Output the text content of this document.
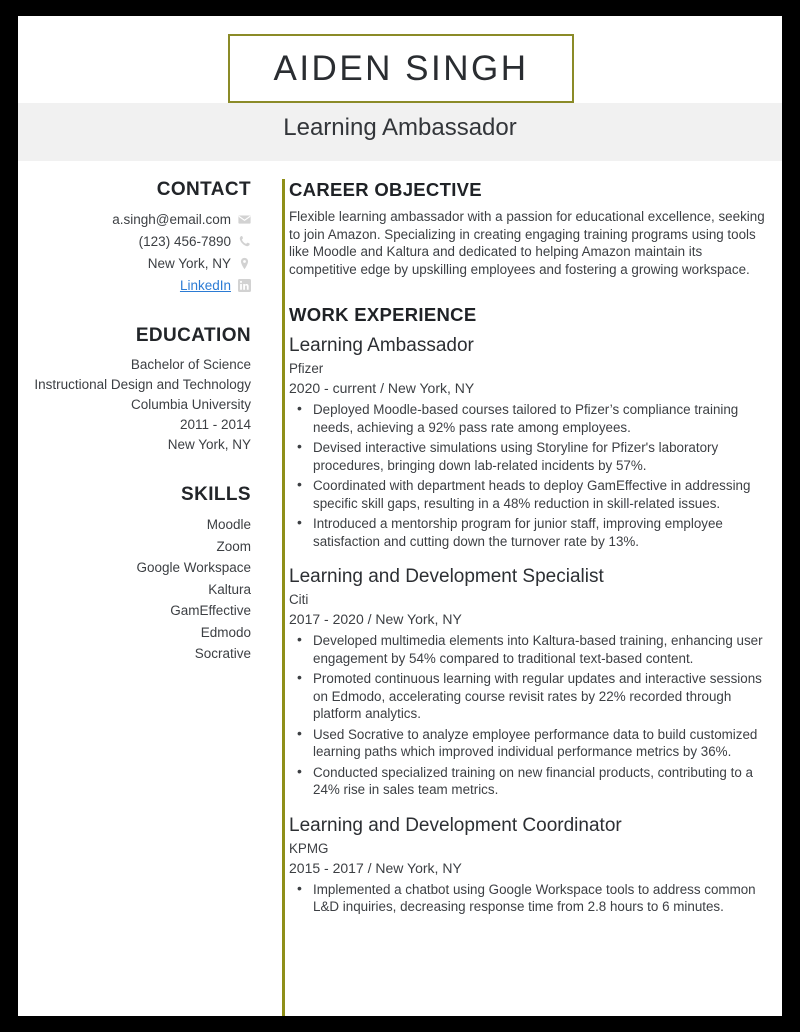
AIDEN SINGH
Learning Ambassador
CONTACT
a.singh@email.com
(123) 456-7890
New York, NY
LinkedIn
EDUCATION
Bachelor of Science
Instructional Design and Technology
Columbia University
2011 - 2014
New York, NY
SKILLS
Moodle
Zoom
Google Workspace
Kaltura
GamEffective
Edmodo
Socrative
CAREER OBJECTIVE
Flexible learning ambassador with a passion for educational excellence, seeking to join Amazon. Specializing in creating engaging training programs using tools like Moodle and Kaltura and dedicated to helping Amazon maintain its competitive edge by upskilling employees and fostering a growing workspace.
WORK EXPERIENCE
Learning Ambassador
Pfizer
2020 - current / New York, NY
• Deployed Moodle-based courses tailored to Pfizer’s compliance training needs, achieving a 92% pass rate among employees.
• Devised interactive simulations using Storyline for Pfizer's laboratory procedures, bringing down lab-related incidents by 57%.
• Coordinated with department heads to deploy GamEffective in addressing specific skill gaps, resulting in a 48% reduction in skill-related issues.
• Introduced a mentorship program for junior staff, improving employee satisfaction and cutting down the turnover rate by 13%.
Learning and Development Specialist
Citi
2017 - 2020 / New York, NY
• Developed multimedia elements into Kaltura-based training, enhancing user engagement by 54% compared to traditional text-based content.
• Promoted continuous learning with regular updates and interactive sessions on Edmodo, accelerating course revisit rates by 22% recorded through platform analytics.
• Used Socrative to analyze employee performance data to build customized learning paths which improved individual performance metrics by 36%.
• Conducted specialized training on new financial products, contributing to a 24% rise in sales team metrics.
Learning and Development Coordinator
KPMG
2015 - 2017 / New York, NY
• Implemented a chatbot using Google Workspace tools to address common L&D inquiries, decreasing response time from 2.8 hours to 6 minutes.
